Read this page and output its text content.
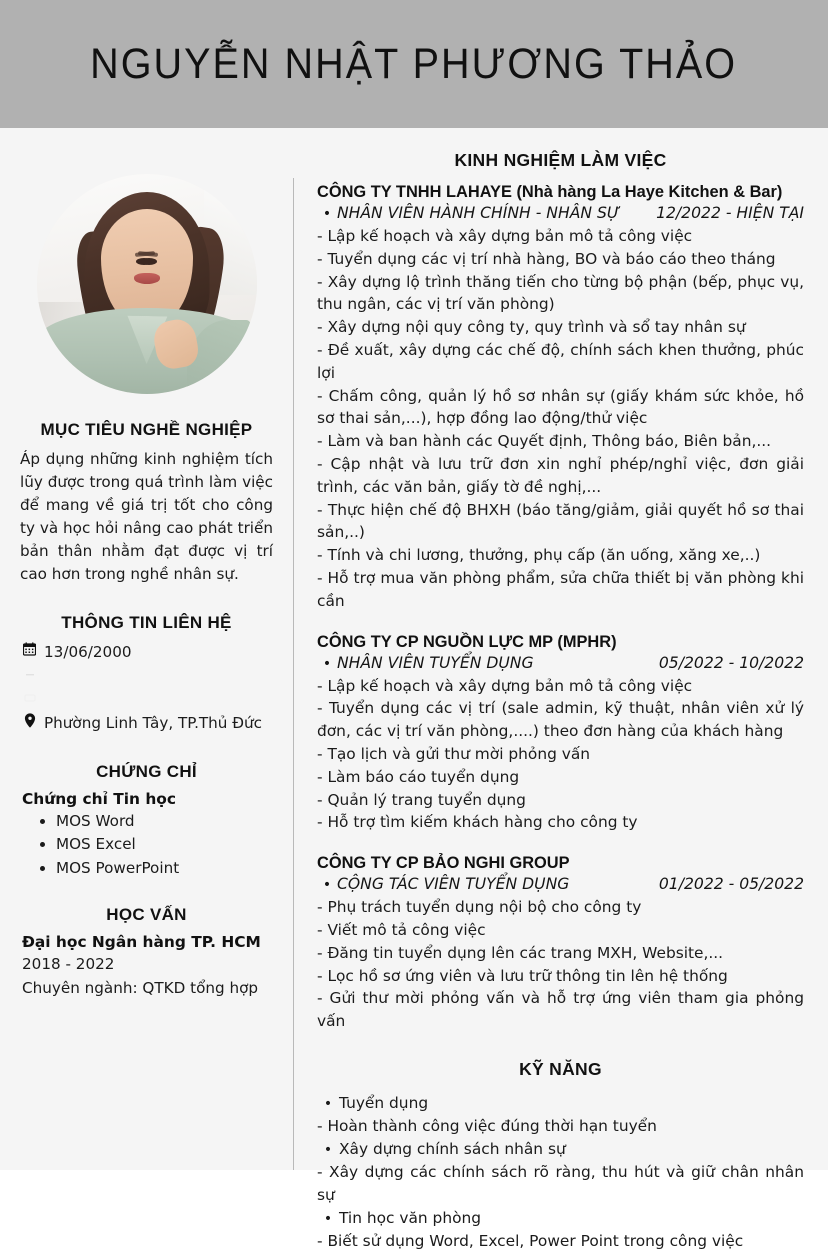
NGUYỄN NHẬT PHƯƠNG THẢO
MỤC TIÊU NGHỀ NGHIỆP
Áp dụng những kinh nghiệm tích lũy được trong quá trình làm việc để mang về giá trị tốt cho công ty và học hỏi nâng cao phát triển bản thân nhằm đạt được vị trí cao hơn trong nghề nhân sự.
THÔNG TIN LIÊN HỆ
13/06/2000
Phường Linh Tây, TP.Thủ Đức
CHỨNG CHỈ
Chứng chỉ Tin học
• MOS Word
• MOS Excel
• MOS PowerPoint
HỌC VẤN
Đại học Ngân hàng TP. HCM
2018 - 2022
Chuyên ngành: QTKD tổng hợp
KINH NGHIỆM LÀM VIỆC
CÔNG TY TNHH LAHAYE (Nhà hàng La Haye Kitchen & Bar)
• NHÂN VIÊN HÀNH CHÍNH - NHÂN SỰ 12/2022 - HIỆN TẠI

- Lập kế hoạch và xây dựng bản mô tả công việc

- Tuyển dụng các vị trí nhà hàng, BO và báo cáo theo tháng

- Xây dựng lộ trình thăng tiến cho từng bộ phận (bếp, phục vụ, thu ngân, các vị trí văn phòng)

- Xây dựng nội quy công ty, quy trình và sổ tay nhân sự

- Đề xuất, xây dựng các chế độ, chính sách khen thưởng, phúc lợi

- Chấm công, quản lý hồ sơ nhân sự (giấy khám sức khỏe, hồ sơ thai sản,...), hợp đồng lao động/thử việc

- Làm và ban hành các Quyết định, Thông báo, Biên bản,...

- Cập nhật và lưu trữ đơn xin nghỉ phép/nghỉ việc, đơn giải trình, các văn bản, giấy tờ đề nghị,...

- Thực hiện chế độ BHXH (báo tăng/giảm, giải quyết hồ sơ thai sản,..)

- Tính và chi lương, thưởng, phụ cấp (ăn uống, xăng xe,..)

- Hỗ trợ mua văn phòng phẩm, sửa chữa thiết bị văn phòng khi cần

CÔNG TY CP NGUỒN LỰC MP (MPHR)
• NHÂN VIÊN TUYỂN DỤNG	05/2022 - 10/2022

- Lập kế hoạch và xây dựng bản mô tả công việc

- Tuyển dụng các vị trí (sale admin, kỹ thuật, nhân viên xử lý đơn, các vị trí văn phòng,....) theo đơn hàng của khách hàng

- Tạo lịch và gửi thư mời phỏng vấn

- Làm báo cáo tuyển dụng

- Quản lý trang tuyển dụng

- Hỗ trợ tìm kiếm khách hàng cho công ty

CÔNG TY CP BẢO NGHI GROUP
• CỘNG TÁC VIÊN TUYỂN DỤNG	01/2022 - 05/2022

- Phụ trách tuyển dụng nội bộ cho công ty

- Viết mô tả công việc

- Đăng tin tuyển dụng lên các trang MXH, Website,...

- Lọc hồ sơ ứng viên và lưu trữ thông tin lên hệ thống

- Gửi thư mời phỏng vấn và hỗ trợ ứng viên tham gia phỏng vấn

KỸ NĂNG
• Tuyển dụng

- Hoàn thành công việc đúng thời hạn tuyển

• Xây dựng chính sách nhân sự

- Xây dựng các chính sách rõ ràng, thu hút và giữ chân nhân sự

• Tin học văn phòng

- Biết sử dụng Word, Excel, Power Point trong công việc
